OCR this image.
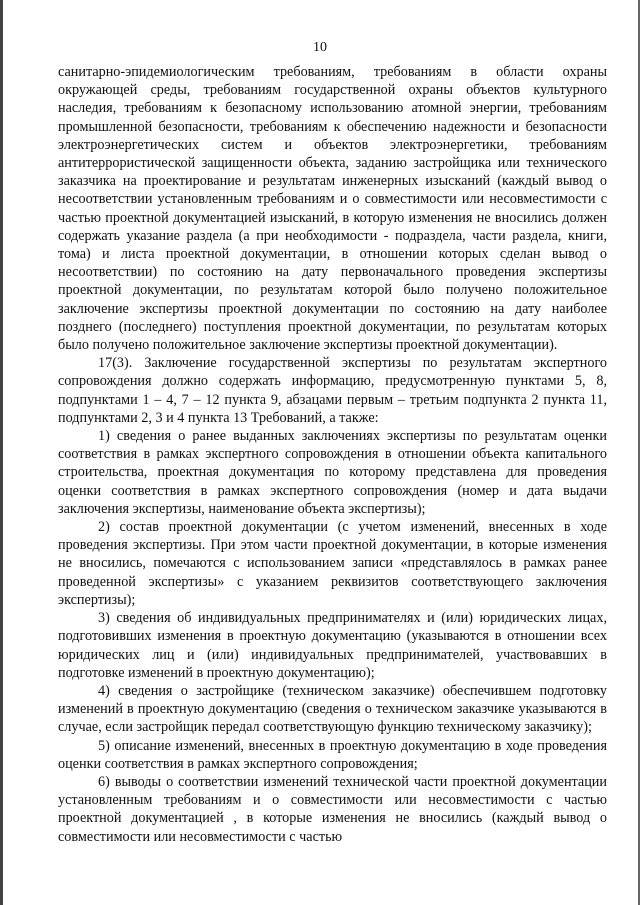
10

санитарно-эпидемиологическим требованиям, требованиям в области охраны окружающей среды, требованиям государственной охраны объектов культурного наследия, требованиям к безопасному использованию атомной энергии, требованиям промышленной безопасности, требованиям к обеспечению надежности и безопасности электроэнергетических систем и объектов электроэнергетики, требованиям антитеррористической защищенности объекта, заданию застройщика или технического заказчика на проектирование и результатам инженерных изысканий (каждый вывод о несоответствии установленным требованиям и о совместимости или несовместимости с частью проектной документацией изысканий, в которую изменения не вносились должен содержать указание раздела (а при необходимости - подраздела, части раздела, книги, тома) и листа проектной документации, в отношении которых сделан вывод о несоответствии) по состоянию на дату первоначального проведения экспертизы проектной документации, по результатам которой было получено положительное заключение экспертизы проектной документации по состоянию на дату наиболее позднего (последнего) поступления проектной документации, по результатам которых было получено положительное заключение экспертизы проектной документации).

17(3). Заключение государственной экспертизы по результатам экспертного сопровождения должно содержать информацию, предусмотренную пунктами 5, 8, подпунктами 1 – 4, 7 – 12 пункта 9, абзацами первым – третьим подпункта 2 пункта 11, подпунктами 2, 3 и 4 пункта 13 Требований, а также:

1) сведения о ранее выданных заключениях экспертизы по результатам оценки соответствия в рамках экспертного сопровождения в отношении объекта капитального строительства, проектная документация по которому представлена для проведения оценки соответствия в рамках экспертного сопровождения (номер и дата выдачи заключения экспертизы, наименование объекта экспертизы);

2) состав проектной документации (с учетом изменений, внесенных в ходе проведения экспертизы. При этом части проектной документации, в которые изменения не вносились, помечаются с использованием записи «представлялось в рамках ранее проведенной экспертизы» с указанием реквизитов соответствующего заключения экспертизы);

3) сведения об индивидуальных предпринимателях и (или) юридических лицах, подготовивших изменения в проектную документацию (указываются в отношении всех юридических лиц и (или) индивидуальных предпринимателей, участвовавших в подготовке изменений в проектную документацию);

4) сведения о застройщике (техническом заказчике) обеспечившем подготовку изменений в проектную документацию (сведения о техническом заказчике указываются в случае, если застройщик передал соответствующую функцию техническому заказчику);

5) описание изменений, внесенных в проектную документацию в ходе проведения оценки соответствия в рамках экспертного сопровождения;

6) выводы о соответствии изменений технической части проектной документации установленным требованиям и о совместимости или несовместимости с частью проектной документацией , в которые изменения не вносились (каждый вывод о совместимости или несовместимости с частью
